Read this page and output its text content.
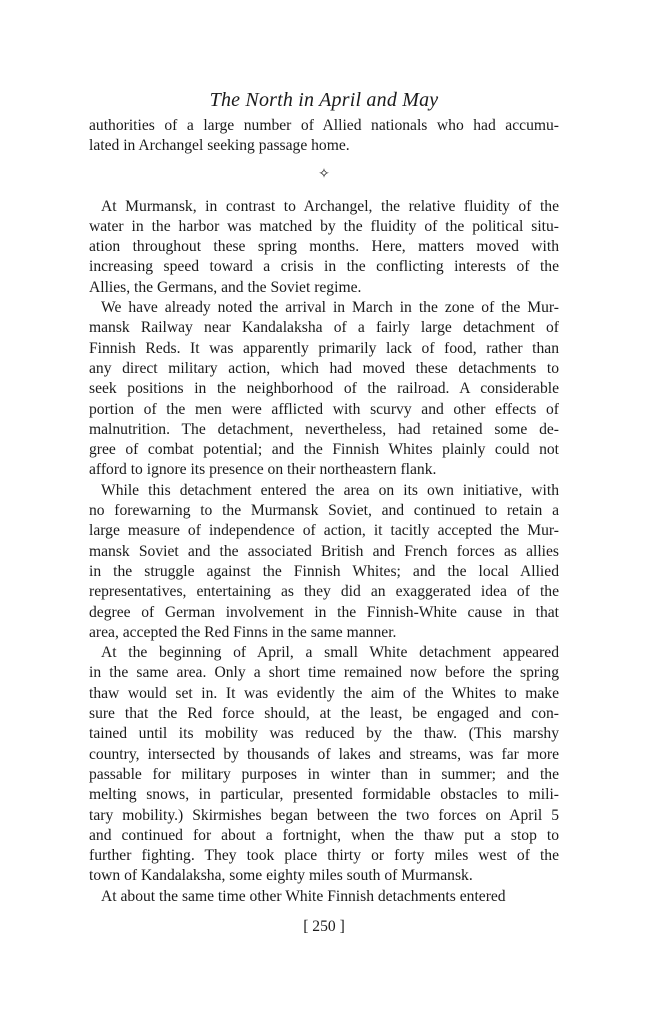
The North in April and May

authorities of a large number of Allied nationals who had accumu-
lated in Archangel seeking passage home.

✧

At Murmansk, in contrast to Archangel, the relative fluidity of the
water in the harbor was matched by the fluidity of the political situ-
ation throughout these spring months. Here, matters moved with
increasing speed toward a crisis in the conflicting interests of the
Allies, the Germans, and the Soviet regime.

We have already noted the arrival in March in the zone of the Mur-
mansk Railway near Kandalaksha of a fairly large detachment of
Finnish Reds. It was apparently primarily lack of food, rather than
any direct military action, which had moved these detachments to
seek positions in the neighborhood of the railroad. A considerable
portion of the men were afflicted with scurvy and other effects of
malnutrition. The detachment, nevertheless, had retained some de-
gree of combat potential; and the Finnish Whites plainly could not
afford to ignore its presence on their northeastern flank.

While this detachment entered the area on its own initiative, with
no forewarning to the Murmansk Soviet, and continued to retain a
large measure of independence of action, it tacitly accepted the Mur-
mansk Soviet and the associated British and French forces as allies
in the struggle against the Finnish Whites; and the local Allied
representatives, entertaining as they did an exaggerated idea of the
degree of German involvement in the Finnish-White cause in that
area, accepted the Red Finns in the same manner.

At the beginning of April, a small White detachment appeared
in the same area. Only a short time remained now before the spring
thaw would set in. It was evidently the aim of the Whites to make
sure that the Red force should, at the least, be engaged and con-
tained until its mobility was reduced by the thaw. (This marshy
country, intersected by thousands of lakes and streams, was far more
passable for military purposes in winter than in summer; and the
melting snows, in particular, presented formidable obstacles to mili-
tary mobility.) Skirmishes began between the two forces on April 5
and continued for about a fortnight, when the thaw put a stop to
further fighting. They took place thirty or forty miles west of the
town of Kandalaksha, some eighty miles south of Murmansk.

At about the same time other White Finnish detachments entered

[ 250 ]
